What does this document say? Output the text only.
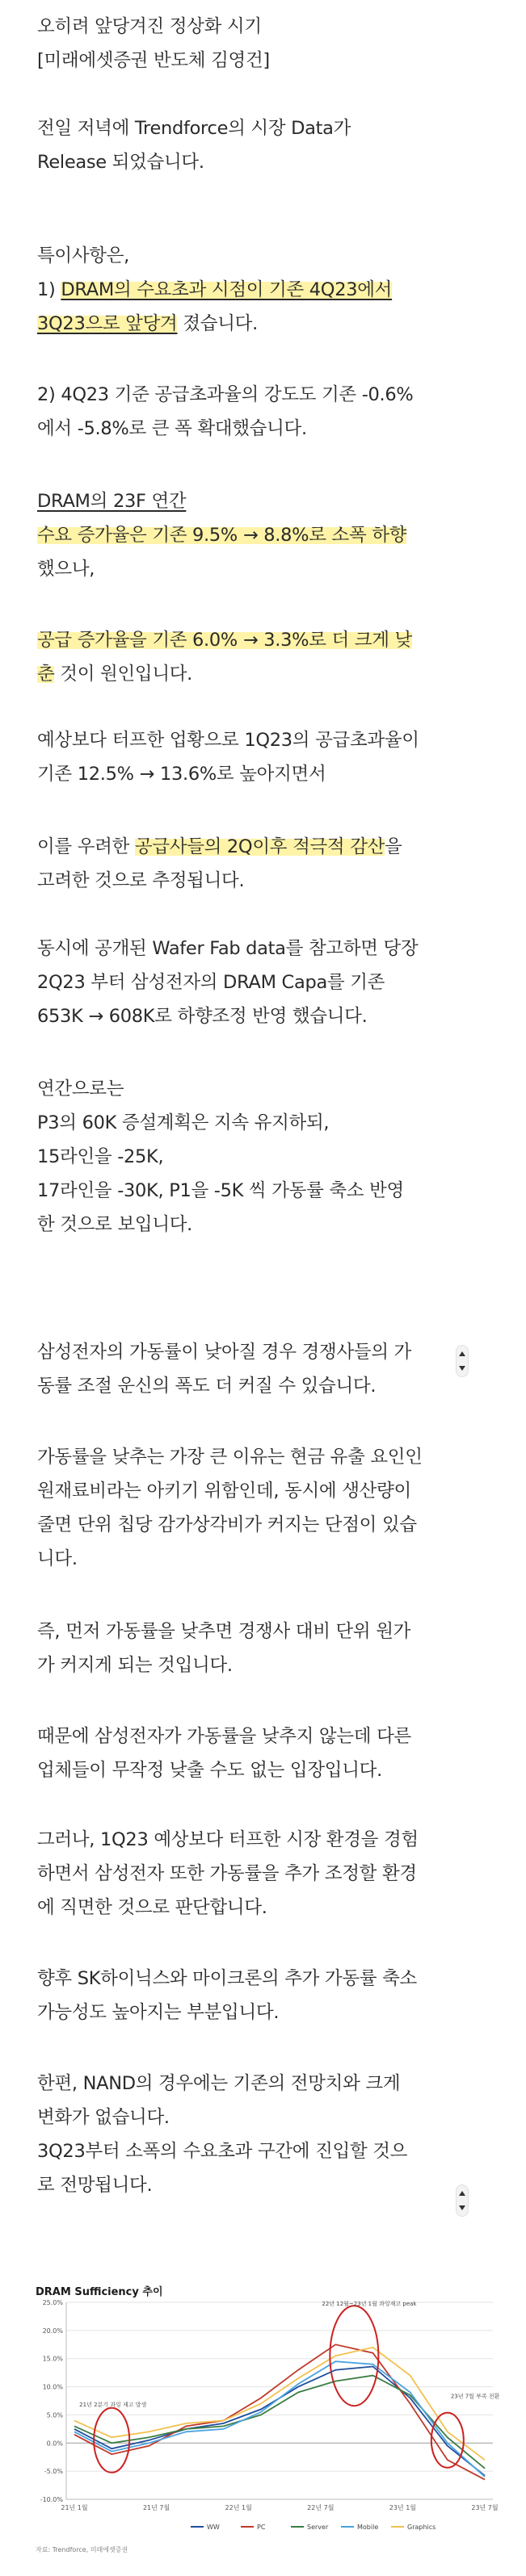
오히려 앞당겨진 정상화 시기

[미래에셋증권 반도체 김영건]

전일 저녁에 Trendforce의 시장 Data가

Release 되었습니다.

특이사항은,

1) DRAM의 수요초과 시점이 기존 4Q23에서

3Q23으로 앞당겨 졌습니다.

2) 4Q23 기준 공급초과율의 강도도 기존 -0.6%

에서 -5.8%로 큰 폭 확대했습니다.

DRAM의 23F 연간

수요 증가율은 기존 9.5% → 8.8%로 소폭 하향

했으나,

공급 증가율을 기존 6.0% → 3.3%로 더 크게 낮

춘 것이 원인입니다.

예상보다 터프한 업황으로 1Q23의 공급초과율이

기존 12.5% → 13.6%로 높아지면서

이를 우려한 공급사들의 2Q이후 적극적 감산을

고려한 것으로 추정됩니다.

동시에 공개된 Wafer Fab data를 참고하면 당장

2Q23 부터 삼성전자의 DRAM Capa를 기존

653K → 608K로 하향조정 반영 했습니다.

연간으로는

P3의 60K 증설계획은 지속 유지하되,

15라인을 -25K,

17라인을 -30K, P1을 -5K 씩 가동률 축소 반영

한 것으로 보입니다.

삼성전자의 가동률이 낮아질 경우 경쟁사들의 가

동률 조절 운신의 폭도 더 커질 수 있습니다.

가동률을 낮추는 가장 큰 이유는 현금 유출 요인인

원재료비라는 아키기 위함인데, 동시에 생산량이

줄면 단위 칩당 감가상각비가 커지는 단점이 있습

니다.

즉, 먼저 가동률을 낮추면 경쟁사 대비 단위 원가

가 커지게 되는 것입니다.

때문에 삼성전자가 가동률을 낮추지 않는데 다른

업체들이 무작정 낮출 수도 없는 입장입니다.

그러나, 1Q23 예상보다 터프한 시장 환경을 경험

하면서 삼성전자 또한 가동률을 추가 조정할 환경

에 직면한 것으로 판단합니다.

향후 SK하이닉스와 마이크론의 추가 가동률 축소

가능성도 높아지는 부분입니다.

한편, NAND의 경우에는 기존의 전망치와 크게

변화가 없습니다.

3Q23부터 소폭의 수요초과 구간에 진입할 것으

로 전망됩니다.

DRAM Sufficiency 추이
25.0%
20.0%
15.0%
10.0%
5.0%
0.0%
-5.0%
-10.0%
21년 1월	21년 7월	22년 1월	22년 7월	23년 1월	23년 7월
21년 2분기 과잉 재고 발생
22년 12월~23년 1월 과잉재고 peak
23년 7월 부족 전환
WW	PC	Server	Mobile	Graphics
자료: Trendforce, 미래에셋증권
